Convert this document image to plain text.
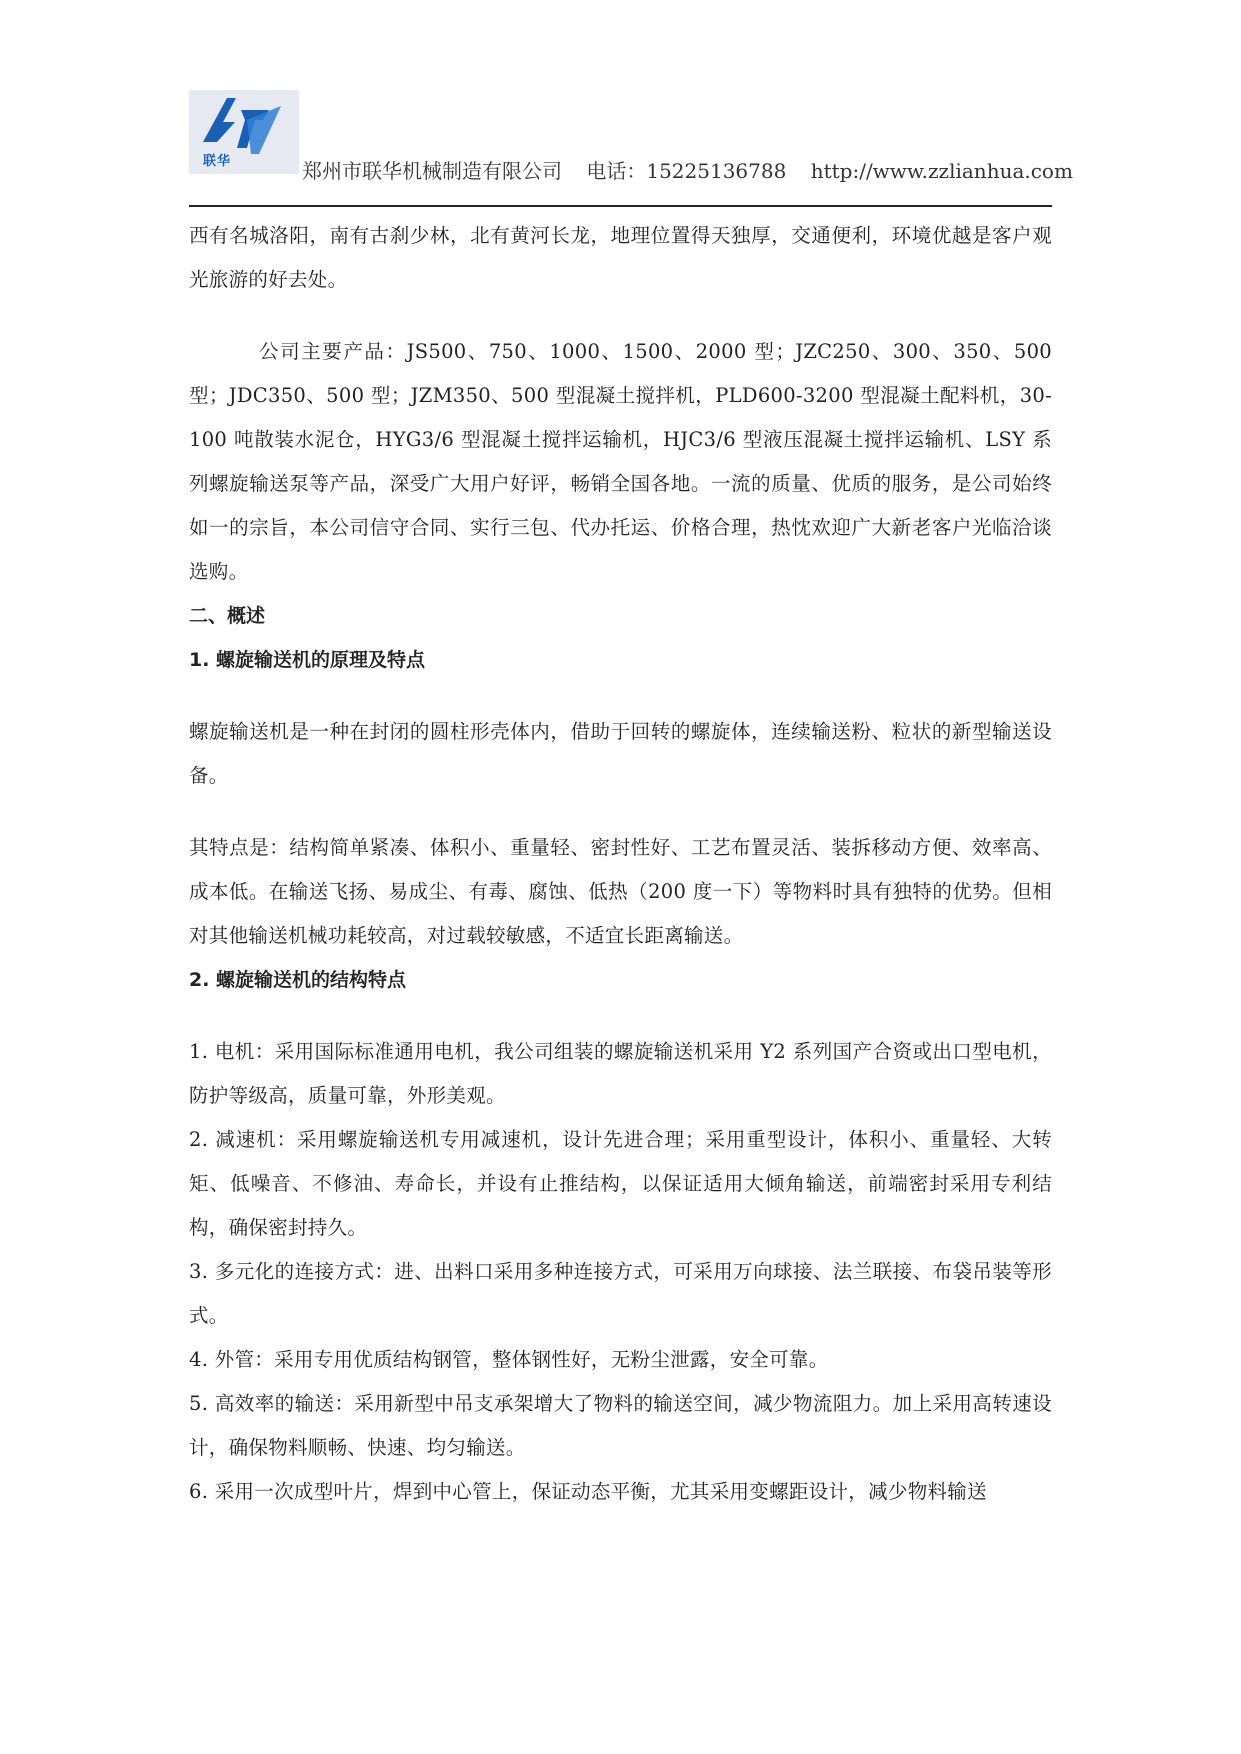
联华	郑州市联华机械制造有限公司 电话：15225136788 http://www.zzlianhua.com

西有名城洛阳，南有古刹少林，北有黄河长龙，地理位置得天独厚，交通便利，环境优越是客户观光旅游的好去处。

公司主要产品：JS500、750、1000、1500、2000 型；JZC250、300、350、500 型；JDC350、500 型；JZM350、500 型混凝土搅拌机，PLD600-3200 型混凝土配料机，30-100 吨散装水泥仓，HYG3/6 型混凝土搅拌运输机，HJC3/6 型液压混凝土搅拌运输机、LSY 系列螺旋输送泵等产品，深受广大用户好评，畅销全国各地。一流的质量、优质的服务，是公司始终如一的宗旨，本公司信守合同、实行三包、代办托运、价格合理，热忱欢迎广大新老客户光临洽谈选购。

二、概述

1. 螺旋输送机的原理及特点

螺旋输送机是一种在封闭的圆柱形壳体内，借助于回转的螺旋体，连续输送粉、粒状的新型输送设备。

其特点是：结构简单紧凑、体积小、重量轻、密封性好、工艺布置灵活、装拆移动方便、效率高、成本低。在输送飞扬、易成尘、有毒、腐蚀、低热（200 度一下）等物料时具有独特的优势。但相对其他输送机械功耗较高，对过载较敏感，不适宜长距离输送。

2. 螺旋输送机的结构特点

1. 电机：采用国际标准通用电机，我公司组装的螺旋输送机采用 Y2 系列国产合资或出口型电机，防护等级高，质量可靠，外形美观。

2. 减速机：采用螺旋输送机专用减速机，设计先进合理；采用重型设计，体积小、重量轻、大转矩、低噪音、不修油、寿命长，并设有止推结构，以保证适用大倾角输送，前端密封采用专利结构，确保密封持久。

3. 多元化的连接方式：进、出料口采用多种连接方式，可采用万向球接、法兰联接、布袋吊装等形式。

4. 外管：采用专用优质结构钢管，整体钢性好，无粉尘泄露，安全可靠。

5. 高效率的输送：采用新型中吊支承架增大了物料的输送空间，减少物流阻力。加上采用高转速设计，确保物料顺畅、快速、均匀输送。

6. 采用一次成型叶片，焊到中心管上，保证动态平衡，尤其采用变螺距设计，减少物料输送
